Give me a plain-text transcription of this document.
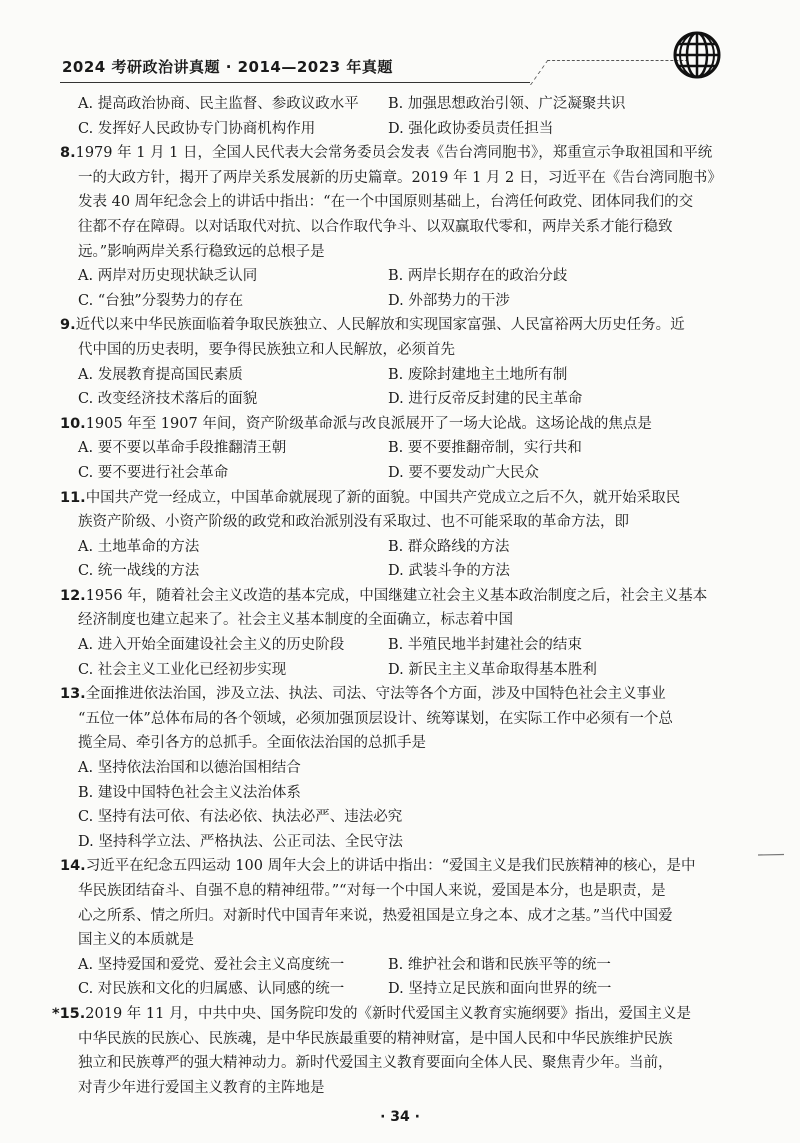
2024 考研政治讲真题 · 2014—2023 年真题
A. 提高政治协商、民主监督、参政议政水平	B. 加强思想政治引领、广泛凝聚共识
C. 发挥好人民政协专门协商机构作用	D. 强化政协委员责任担当
8.1979 年 1 月 1 日，全国人民代表大会常务委员会发表《告台湾同胞书》，郑重宣示争取祖国和平统
一的大政方针，揭开了两岸关系发展新的历史篇章。2019 年 1 月 2 日，习近平在《告台湾同胞书》
发表 40 周年纪念会上的讲话中指出：“在一个中国原则基础上，台湾任何政党、团体同我们的交
往都不存在障碍。以对话取代对抗、以合作取代争斗、以双赢取代零和，两岸关系才能行稳致
远。”影响两岸关系行稳致远的总根子是
A. 两岸对历史现状缺乏认同	B. 两岸长期存在的政治分歧
C. “台独”分裂势力的存在	D. 外部势力的干涉
9.近代以来中华民族面临着争取民族独立、人民解放和实现国家富强、人民富裕两大历史任务。近
代中国的历史表明，要争得民族独立和人民解放，必须首先
A. 发展教育提高国民素质	B. 废除封建地主土地所有制
C. 改变经济技术落后的面貌	D. 进行反帝反封建的民主革命
10.1905 年至 1907 年间，资产阶级革命派与改良派展开了一场大论战。这场论战的焦点是
A. 要不要以革命手段推翻清王朝	B. 要不要推翻帝制，实行共和
C. 要不要进行社会革命	D. 要不要发动广大民众
11.中国共产党一经成立，中国革命就展现了新的面貌。中国共产党成立之后不久，就开始采取民
族资产阶级、小资产阶级的政党和政治派别没有采取过、也不可能采取的革命方法，即
A. 土地革命的方法	B. 群众路线的方法
C. 统一战线的方法	D. 武装斗争的方法
12.1956 年，随着社会主义改造的基本完成，中国继建立社会主义基本政治制度之后，社会主义基本
经济制度也建立起来了。社会主义基本制度的全面确立，标志着中国
A. 进入开始全面建设社会主义的历史阶段	B. 半殖民地半封建社会的结束
C. 社会主义工业化已经初步实现	D. 新民主主义革命取得基本胜利
13.全面推进依法治国，涉及立法、执法、司法、守法等各个方面，涉及中国特色社会主义事业
“五位一体”总体布局的各个领域，必须加强顶层设计、统筹谋划，在实际工作中必须有一个总
揽全局、牵引各方的总抓手。全面依法治国的总抓手是
A. 坚持依法治国和以德治国相结合
B. 建设中国特色社会主义法治体系
C. 坚持有法可依、有法必依、执法必严、违法必究
D. 坚持科学立法、严格执法、公正司法、全民守法
14.习近平在纪念五四运动 100 周年大会上的讲话中指出：“爱国主义是我们民族精神的核心，是中
华民族团结奋斗、自强不息的精神纽带。”“对每一个中国人来说，爱国是本分，也是职责，是
心之所系、情之所归。对新时代中国青年来说，热爱祖国是立身之本、成才之基。”当代中国爱
国主义的本质就是
A. 坚持爱国和爱党、爱社会主义高度统一	B. 维护社会和谐和民族平等的统一
C. 对民族和文化的归属感、认同感的统一	D. 坚持立足民族和面向世界的统一
*15.2019 年 11 月，中共中央、国务院印发的《新时代爱国主义教育实施纲要》指出，爱国主义是
中华民族的民族心、民族魂，是中华民族最重要的精神财富，是中国人民和中华民族维护民族
独立和民族尊严的强大精神动力。新时代爱国主义教育要面向全体人民、聚焦青少年。当前，
对青少年进行爱国主义教育的主阵地是
· 34 ·
